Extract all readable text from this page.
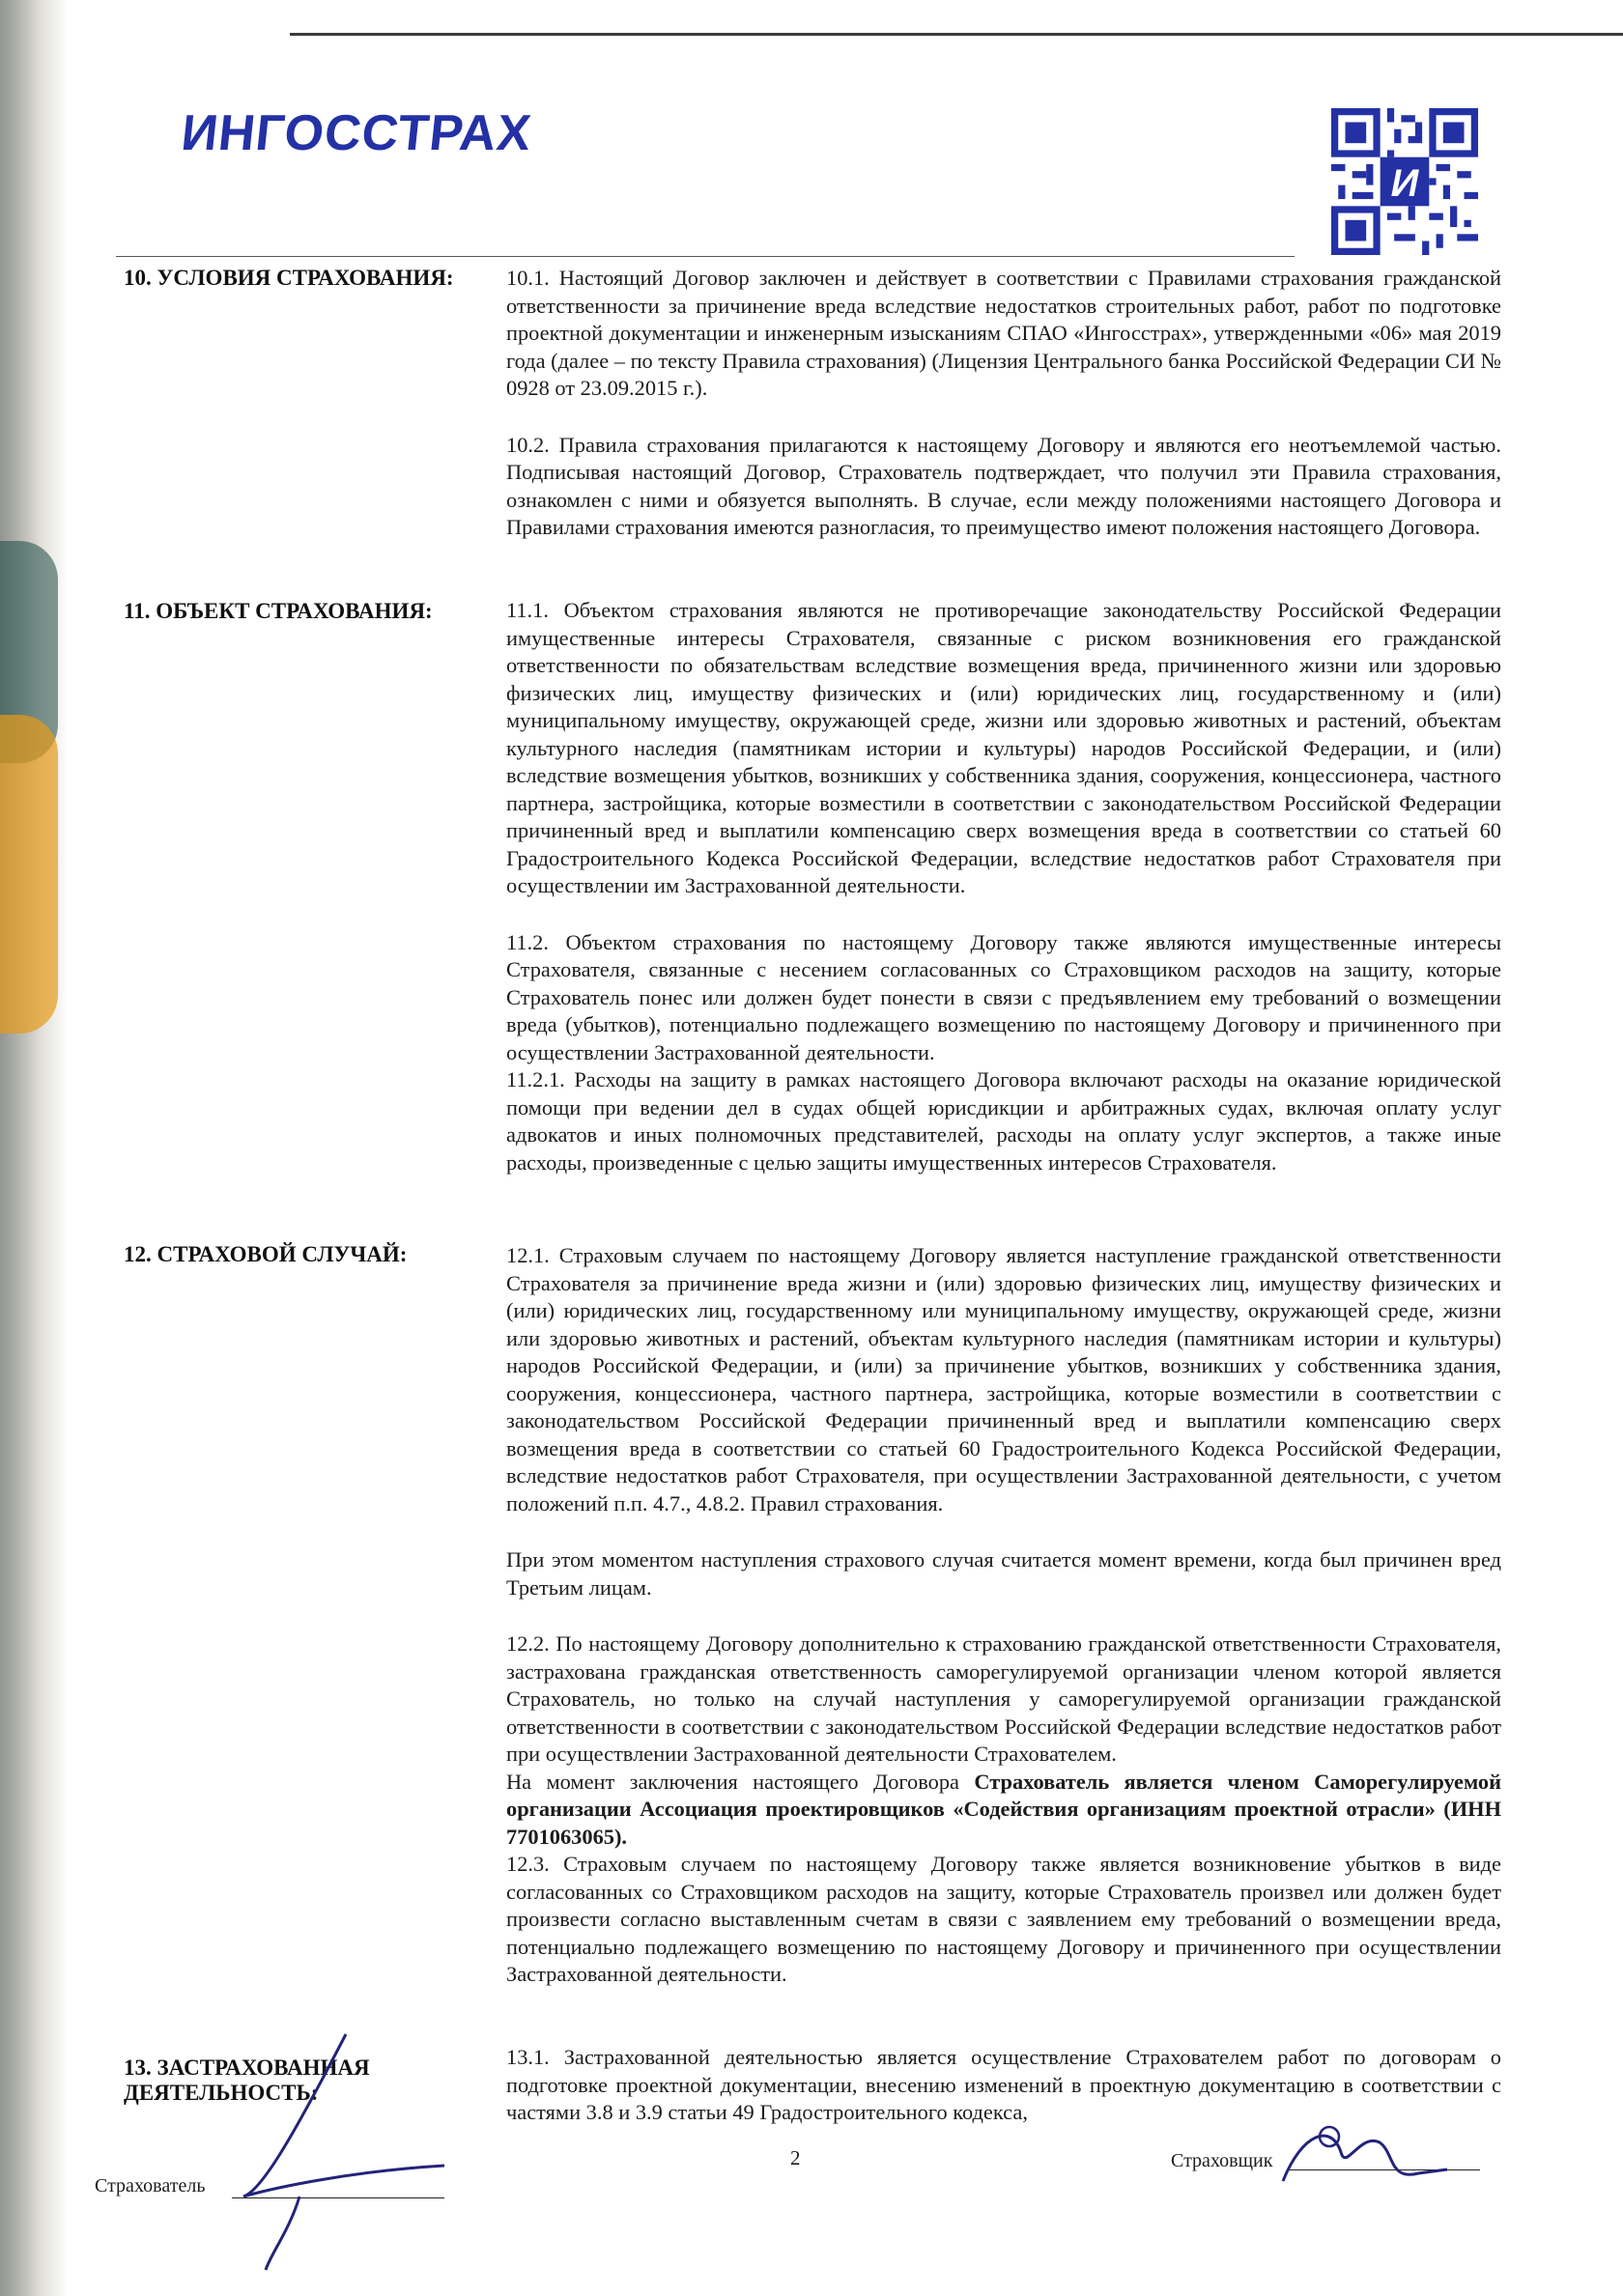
ИНГОССТРАХ
И
10. УСЛОВИЯ СТРАХОВАНИЯ: 10.1. Настоящий Договор заключен и действует в соответствии с Правилами страхования гражданской ответственности за причинение вреда вследствие недостатков строительных работ, работ по подготовке проектной документации и инженерным изысканиям СПАО «Ингосстрах», утвержденными «06» мая 2019 года (далее – по тексту Правила страхования) (Лицензия Центрального банка Российской Федерации СИ № 0928 от 23.09.2015 г.).

10.2. Правила страхования прилагаются к настоящему Договору и являются его неотъемлемой частью. Подписывая настоящий Договор, Страхователь подтверждает, что получил эти Правила страхования, ознакомлен с ними и обязуется выполнять. В случае, если между положениями настоящего Договора и Правилами страхования имеются разногласия, то преимущество имеют положения настоящего Договора.

11. ОБЪЕКТ СТРАХОВАНИЯ:	11.1. Объектом страхования являются не противоречащие законодательству Российской Федерации имущественные интересы Страхователя, связанные с риском возникновения его гражданской ответственности по обязательствам вследствие возмещения вреда, причиненного жизни или здоровью физических лиц, имуществу физических и (или) юридических лиц, государственному и (или) муниципальному имуществу, окружающей среде, жизни или здоровью животных и растений, объектам культурного наследия (памятникам истории и культуры) народов Российской Федерации, и (или) вследствие возмещения убытков, возникших у собственника здания, сооружения, концессионера, частного партнера, застройщика, которые возместили в соответствии с законодательством Российской Федерации причиненный вред и выплатили компенсацию сверх возмещения вреда в соответствии со статьей 60 Градостроительного Кодекса Российской Федерации, вследствие недостатков работ Страхователя при осуществлении им Застрахованной деятельности.

11.2. Объектом страхования по настоящему Договору также являются имущественные интересы Страхователя, связанные с несением согласованных со Страховщиком расходов на защиту, которые Страхователь понес или должен будет понести в связи с предъявлением ему требований о возмещении вреда (убытков), потенциально подлежащего возмещению по настоящему Договору и причиненного при осуществлении Застрахованной деятельности.

11.2.1. Расходы на защиту в рамках настоящего Договора включают расходы на оказание юридической помощи при ведении дел в судах общей юрисдикции и арбитражных судах, включая оплату услуг адвокатов и иных полномочных представителей, расходы на оплату услуг экспертов, а также иные расходы, произведенные с целью защиты имущественных интересов Страхователя.

12. СТРАХОВОЙ СЛУЧАЙ:	12.1. Страховым случаем по настоящему Договору является наступление гражданской ответственности Страхователя за причинение вреда жизни и (или) здоровью физических лиц, имуществу физических и (или) юридических лиц, государственному или муниципальному имуществу, окружающей среде, жизни или здоровью животных и растений, объектам культурного наследия (памятникам истории и культуры) народов Российской Федерации, и (или) за причинение убытков, возникших у собственника здания, сооружения, концессионера, частного партнера, застройщика, которые возместили в соответствии с законодательством Российской Федерации причиненный вред и выплатили компенсацию сверх возмещения вреда в соответствии со статьей 60 Градостроительного Кодекса Российской Федерации, вследствие недостатков работ Страхователя, при осуществлении Застрахованной деятельности, с учетом положений п.п. 4.7., 4.8.2. Правил страхования.

При этом моментом наступления страхового случая считается момент времени, когда был причинен вред Третьим лицам.

12.2. По настоящему Договору дополнительно к страхованию гражданской ответственности Страхователя, застрахована гражданская ответственность саморегулируемой организации членом которой является Страхователь, но только на случай наступления у саморегулируемой организации гражданской ответственности в соответствии с законодательством Российской Федерации вследствие недостатков работ при осуществлении Застрахованной деятельности Страхователем.

На момент заключения настоящего Договора Страхователь является членом Саморегулируемой организации Ассоциация проектировщиков «Содействия организациям проектной отрасли» (ИНН 7701063065).

12.3. Страховым случаем по настоящему Договору также является возникновение убытков в виде согласованных со Страховщиком расходов на защиту, которые Страхователь произвел или должен будет произвести согласно выставленным счетам в связи с заявлением ему требований о возмещении вреда, потенциально подлежащего возмещению по настоящему Договору и причиненного при осуществлении Застрахованной деятельности.

13. ЗАСТРАХОВАННАЯ
ДЕЯТЕЛЬНОСТЬ:

13.1. Застрахованной деятельностью является осуществление Страхователем работ по договорам о подготовке проектной документации, внесению изменений в проектную документацию в соответствии с частями 3.8 и 3.9 статьи 49 Градостроительного кодекса,

2
Страхователь
Страховщик
